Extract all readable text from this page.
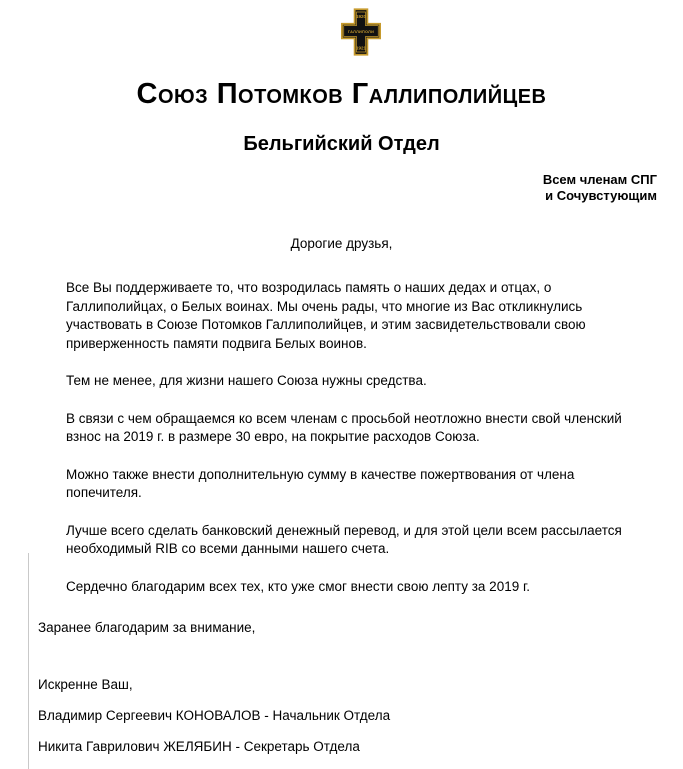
1920
ГАЛЛИПОЛИ
1921
Союз Потомков Галлиполийцев
Бельгийский Отдел
Всем членам СПГ
и Сочувстующим
Дорогие друзья,

Все Вы поддерживаете то, что возродилась память о наших дедах и отцах, о Галлиполийцах, о Белых воинах. Мы очень рады, что многие из Вас откликнулись участвовать в Союзе Потомков Галлиполийцев, и этим засвидетельствовали свою приверженность памяти подвига Белых воинов.

Тем не менее, для жизни нашего Союза нужны средства.

В связи с чем обращаемся ко всем членам с просьбой неотложно внести свой членский взнос на 2019 г. в размере 30 евро, на покрытие расходов Союза.

Можно также внести дополнительную сумму в качестве пожертвования от члена попечителя.

Лучше всего сделать банковский денежный перевод, и для этой цели всем рассылается необходимый RIB со всеми данными нашего счета.

Сердечно благодарим всех тех, кто уже смог внести свою лепту за 2019 г.

Заранее благодарим за внимание,
Искренне Ваш,
Владимир Сергеевич КОНОВАЛОВ - Начальник Отдела
Никита Гаврилович ЖЕЛЯБИН - Секретарь Отдела
